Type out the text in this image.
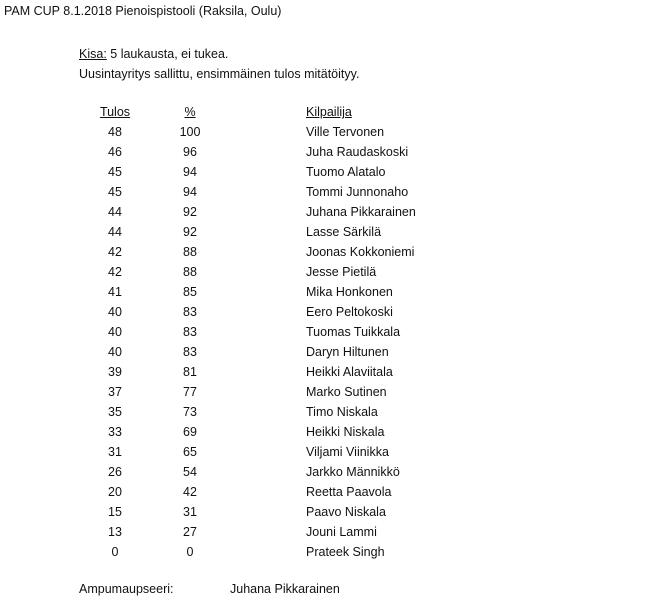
PAM CUP 8.1.2018 Pienoispistooli (Raksila, Oulu)
Kisa: 5 laukausta, ei tukea.
Uusintayritys sallittu, ensimmäinen tulos mitätöityy.
Tulos	%	Kilpailija
48	100	Ville Tervonen
46	96	Juha Raudaskoski
45	94	Tuomo Alatalo
45	94	Tommi Junnonaho
44	92	Juhana Pikkarainen
44	92	Lasse Särkilä
42	88	Joonas Kokkoniemi
42	88	Jesse Pietilä
41	85	Mika Honkonen
40	83	Eero Peltokoski
40	83	Tuomas Tuikkala
40	83	Daryn Hiltunen
39	81	Heikki Alaviitala
37	77	Marko Sutinen
35	73	Timo Niskala
33	69	Heikki Niskala
31	65	Viljami Viinikka
26	54	Jarkko Männikkö
20	42	Reetta Paavola
15	31	Paavo Niskala
13	27	Jouni Lammi
0	0	Prateek Singh
Ampumaupseeri:	Juhana Pikkarainen
